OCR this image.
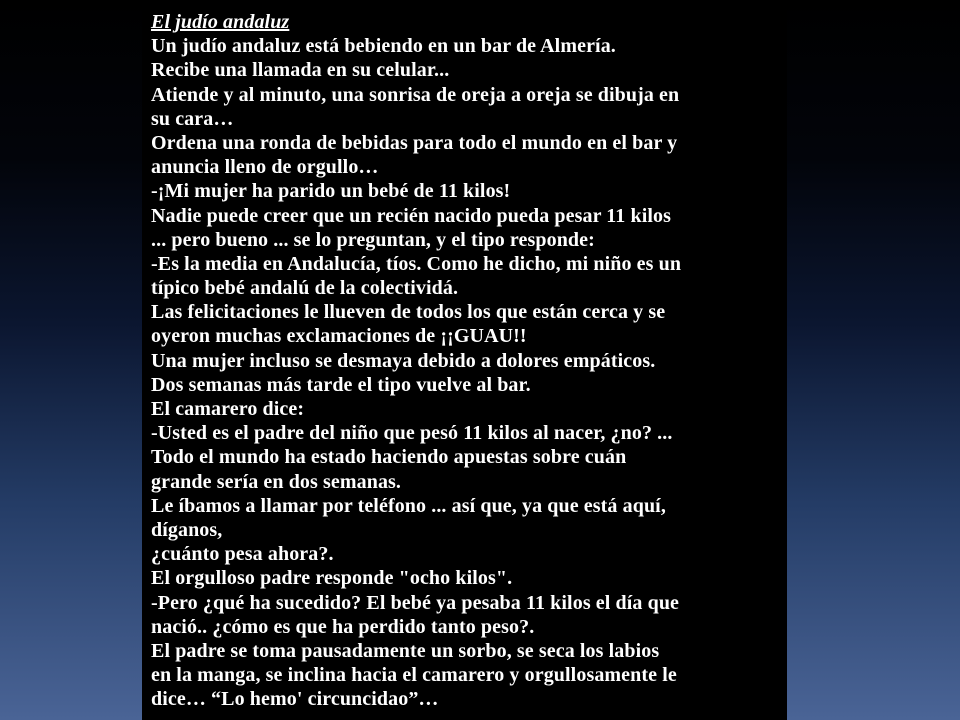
El judío andaluz
Un judío andaluz está bebiendo en un bar de Almería.
Recibe una llamada en su celular...
Atiende y al minuto, una sonrisa de oreja a oreja se dibuja en
su cara…
Ordena una ronda de bebidas para todo el mundo en el bar y
anuncia lleno de orgullo…
-¡Mi mujer ha parido un bebé de 11 kilos!
Nadie puede creer que un recién nacido pueda pesar 11 kilos
... pero bueno ... se lo preguntan, y el tipo responde:
-Es la media en Andalucía, tíos. Como he dicho, mi niño es un
típico bebé andalú de la colectividá.
Las felicitaciones le llueven de todos los que están cerca y se
oyeron muchas exclamaciones de ¡¡GUAU!!
Una mujer incluso se desmaya debido a dolores empáticos.
Dos semanas más tarde el tipo vuelve al bar.
El camarero dice:
-Usted es el padre del niño que pesó 11 kilos al nacer, ¿no? ...
Todo el mundo ha estado haciendo apuestas sobre cuán
grande sería en dos semanas.
Le íbamos a llamar por teléfono ... así que, ya que está aquí,
díganos,
¿cuánto pesa ahora?.
El orgulloso padre responde "ocho kilos".
-Pero ¿qué ha sucedido? El bebé ya pesaba 11 kilos el día que
nació.. ¿cómo es que ha perdido tanto peso?.
El padre se toma pausadamente un sorbo, se seca los labios
en la manga, se inclina hacia el camarero y orgullosamente le
dice… “Lo hemo' circuncidao”…
